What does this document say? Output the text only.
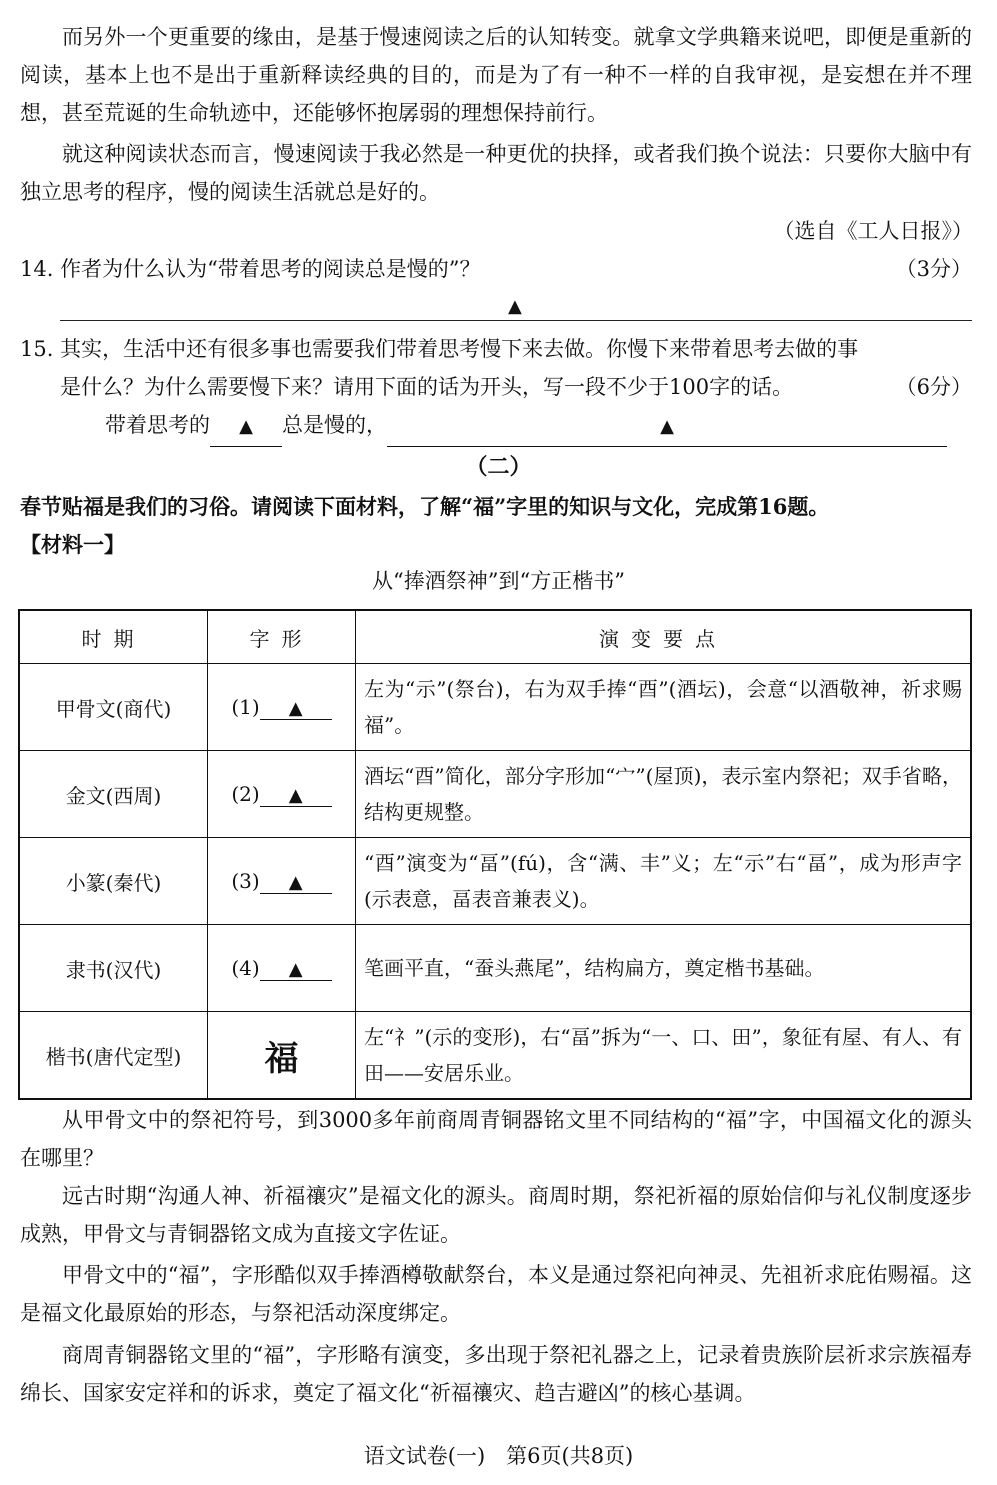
而另外一个更重要的缘由，是基于慢速阅读之后的认知转变。就拿文学典籍来说吧，即便是重新的阅读，基本上也不是出于重新释读经典的目的，而是为了有一种不一样的自我审视，是妄想在并不理想，甚至荒诞的生命轨迹中，还能够怀抱孱弱的理想保持前行。

就这种阅读状态而言，慢速阅读于我必然是一种更优的抉择，或者我们换个说法：只要你大脑中有独立思考的程序，慢的阅读生活就总是好的。

（选自《工人日报》）
14. 作者为什么认为“带着思考的阅读总是慢的”？	（3分）
▲
15. 其实，生活中还有很多事也需要我们带着思考慢下来去做。你慢下来带着思考去做的事
是什么？为什么需要慢下来？请用下面的话为开头，写一段不少于100字的话。	（6分）
带着思考的 ▲ 总是慢的，	▲
（二）
春节贴福是我们的习俗。请阅读下面材料，了解“福”字里的知识与文化，完成第16题。
【材料一】
从“捧酒祭神”到“方正楷书”
时期	字形	演变要点
甲骨文(商代)	(1) ▲	左为“示”(祭台)，右为双手捧“酉”(酒坛)，会意“以酒敬神，祈求赐福”。
金文(西周)	(2) ▲	酒坛“酉”简化，部分字形加“宀”(屋顶)，表示室内祭祀；双手省略，结构更规整。
小篆(秦代)	(3) ▲	“酉”演变为“畐”(fú)，含“满、丰”义；左“示”右“畐”，成为形声字(示表意，畐表音兼表义)。
隶书(汉代)	(4) ▲	笔画平直，“蚕头燕尾”，结构扁方，奠定楷书基础。
楷书(唐代定型)	福	左“礻”(示的变形)，右“畐”拆为“一、口、田”，象征有屋、有人、有田——安居乐业。

从甲骨文中的祭祀符号，到3000多年前商周青铜器铭文里不同结构的“福”字，中国福文化的源头在哪里？

远古时期“沟通人神、祈福禳灾”是福文化的源头。商周时期，祭祀祈福的原始信仰与礼仪制度逐步成熟，甲骨文与青铜器铭文成为直接文字佐证。

甲骨文中的“福”，字形酷似双手捧酒樽敬献祭台，本义是通过祭祀向神灵、先祖祈求庇佑赐福。这是福文化最原始的形态，与祭祀活动深度绑定。

商周青铜器铭文里的“福”，字形略有演变，多出现于祭祀礼器之上，记录着贵族阶层祈求宗族福寿绵长、国家安定祥和的诉求，奠定了福文化“祈福禳灾、趋吉避凶”的核心基调。

语文试卷(一)　第6页(共8页)
